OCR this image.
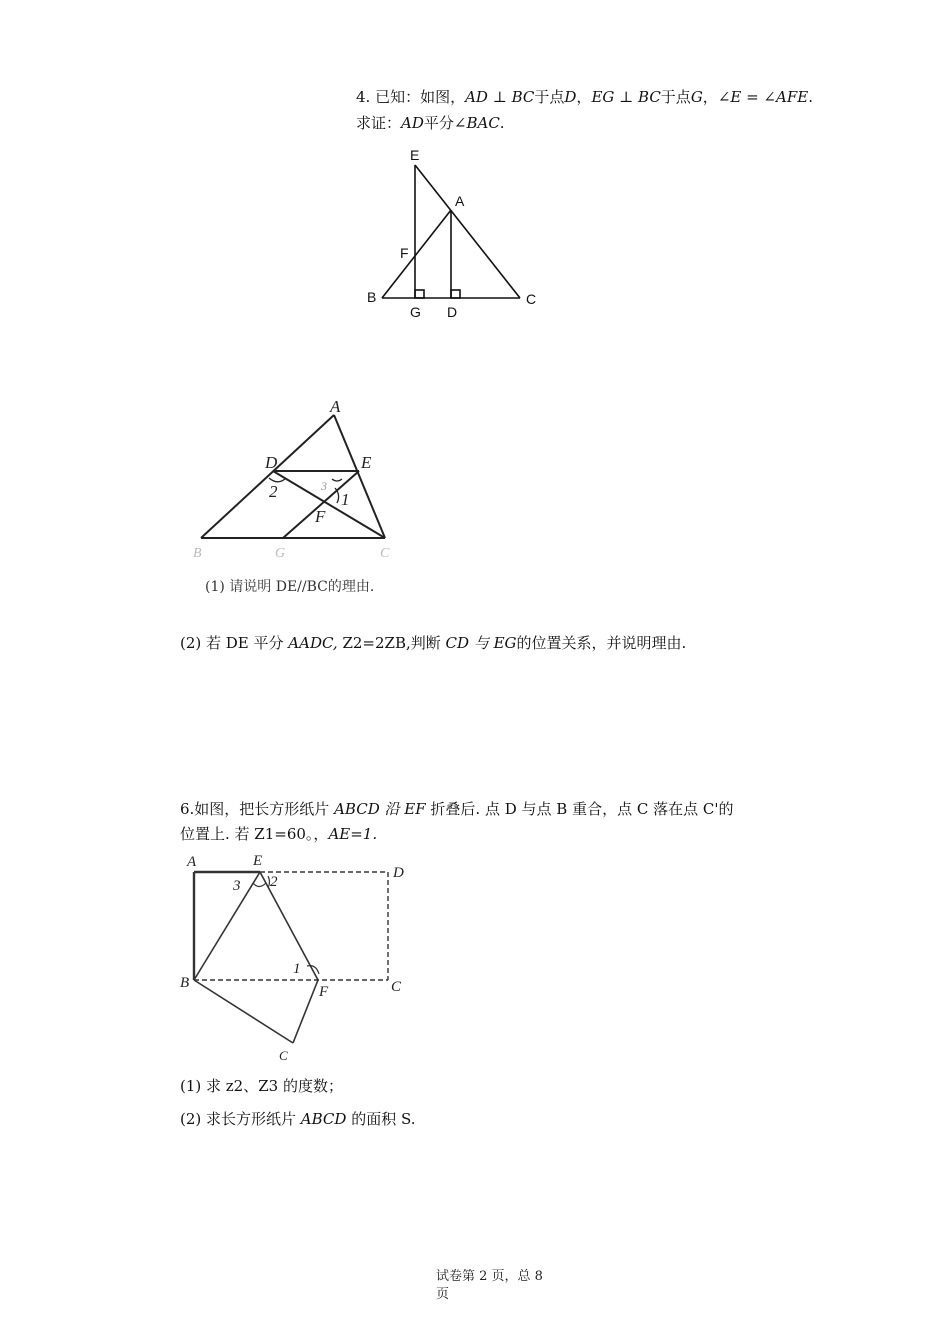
4. 已知：如图，AD ⊥ BC于点D，EG ⊥ BC于点G，∠E = ∠AFE.
求证：AD平分∠BAC.
E
A
F
B
G D
C
A
D	E
2	3
1
F
B	G	C
(1) 请说明 DE//BC的理由.
(2) 若 DE 平分 AADC, Z2=2ZB,判断 CD 与 EG的位置关系，并说明理由.
6.如图，把长方形纸片 ABCD 沿 EF 折叠后. 点 D 与点 B 重合，点 C 落在点 C'的
位置上. 若 Z1=60。，AE=1.
A	E
D
3 2
1
B
F	C
C
(1) 求 z2、Z3 的度数；
(2) 求长方形纸片 ABCD 的面积 S.
试卷第 2 页，总 8
页
